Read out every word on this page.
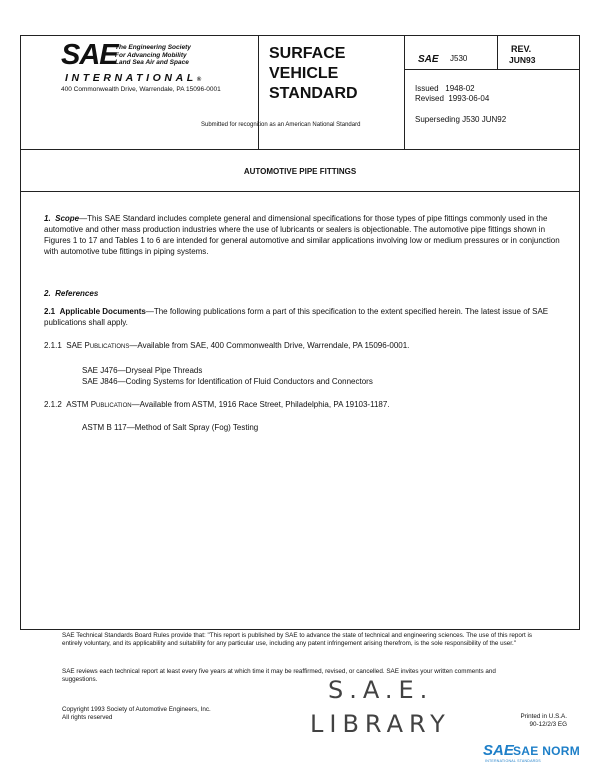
SAE
The Engineering Society
For Advancing Mobility
Land Sea Air and Space
INTERNATIONAL®
400 Commonwealth Drive, Warrendale, PA 15096-0001
SURFACE
VEHICLE
STANDARD
Submitted for recognition as an American National Standard
SAE J530
REV.
JUN93
Issued   1948-02
Revised  1993-06-04
Superseding J530 JUN92
AUTOMOTIVE PIPE FITTINGS
1. Scope—This SAE Standard includes complete general and dimensional specifications for those types of pipe fittings commonly used in the automotive and other mass production industries where the use of lubricants or sealers is objectionable. The automotive pipe fittings shown in Figures 1 to 17 and Tables 1 to 6 are intended for general automotive and similar applications involving low or medium pressures or in conjunction with automotive tube fittings in piping systems.
2. References
2.1 Applicable Documents—The following publications form a part of this specification to the extent specified herein. The latest issue of SAE publications shall apply.
2.1.1 SAE Publications—Available from SAE, 400 Commonwealth Drive, Warrendale, PA 15096-0001.
SAE J476—Dryseal Pipe Threads
SAE J846—Coding Systems for Identification of Fluid Conductors and Connectors
2.1.2 ASTM Publication—Available from ASTM, 1916 Race Street, Philadelphia, PA 19103-1187.
ASTM B 117—Method of Salt Spray (Fog) Testing
SAE Technical Standards Board Rules provide that: "This report is published by SAE to advance the state of technical and engineering sciences. The use of this report is entirely voluntary, and its applicability and suitability for any particular use, including any patent infringement arising therefrom, is the sole responsibility of the user."
SAE reviews each technical report at least every five years at which time it may be reaffirmed, revised, or cancelled. SAE invites your written comments and suggestions.
Copyright 1993 Society of Automotive Engineers, Inc.
All rights reserved	Printed in U.S.A.
90-12/2/3 EG
S.A.E.
LIBRARY
SAE SAE NORM
INTERNATIONAL STANDARDS
